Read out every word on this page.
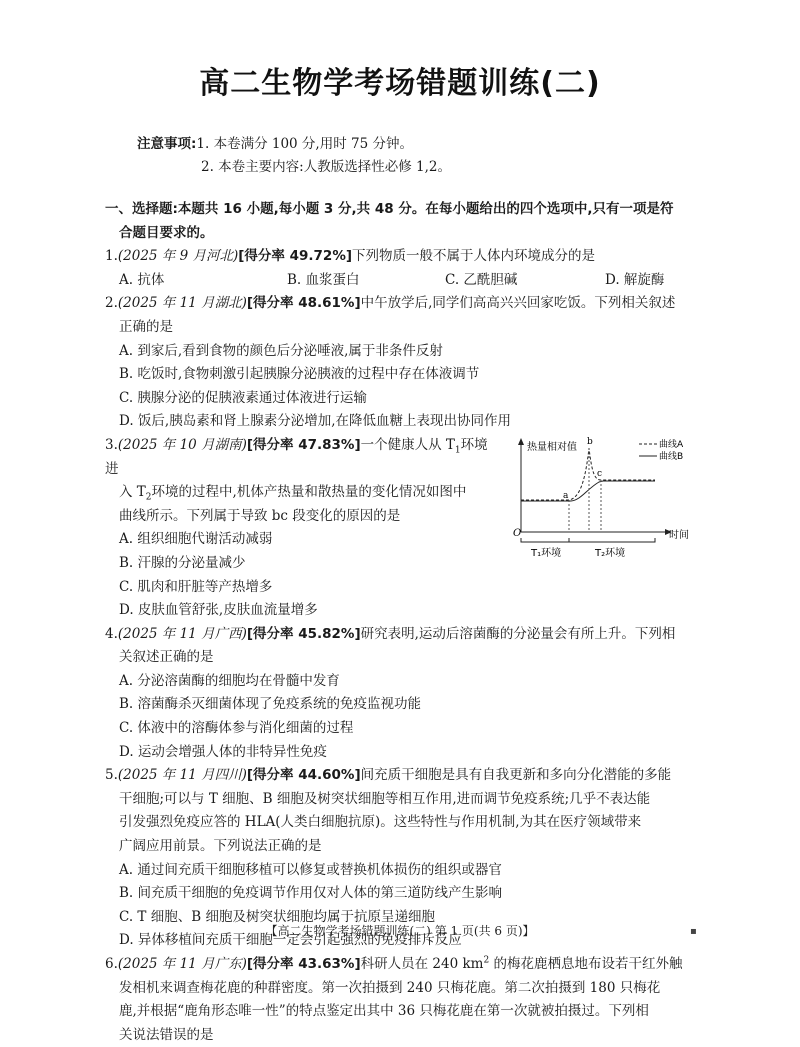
高二生物学考场错题训练(二)
注意事项:1. 本卷满分 100 分,用时 75 分钟。
2. 本卷主要内容:人教版选择性必修 1,2。
一、选择题:本题共 16 小题,每小题 3 分,共 48 分。在每小题给出的四个选项中,只有一项是符
合题目要求的。
1.(2025 年 9 月河北)[得分率 49.72%]下列物质一般不属于人体内环境成分的是
A. 抗体	B. 血浆蛋白	C. 乙酰胆碱	D. 解旋酶
2.(2025 年 11 月湖北)[得分率 48.61%]中午放学后,同学们高高兴兴回家吃饭。下列相关叙述
正确的是
A. 到家后,看到食物的颜色后分泌唾液,属于非条件反射
B. 吃饭时,食物刺激引起胰腺分泌胰液的过程中存在体液调节
C. 胰腺分泌的促胰液素通过体液进行运输
D. 饭后,胰岛素和肾上腺素分泌增加,在降低血糖上表现出协同作用
3.(2025 年 10 月湖南)[得分率 47.83%]一个健康人从 $T_1$环境进
入 $T_2$环境的过程中,机体产热量和散热量的变化情况如图中
曲线所示。下列属于导致 bc 段变化的原因的是
A. 组织细胞代谢活动减弱
B. 汗腺的分泌量减少
C. 肌肉和肝脏等产热增多
D. 皮肤血管舒张,皮肤血流量增多
O
热量相对值
时间
曲线A
曲线B
a
b
c
T₁环境	T₂环境
4.(2025 年 11 月广西)[得分率 45.82%]研究表明,运动后溶菌酶的分泌量会有所上升。下列相
关叙述正确的是
A. 分泌溶菌酶的细胞均在骨髓中发育
B. 溶菌酶杀灭细菌体现了免疫系统的免疫监视功能
C. 体液中的溶酶体参与消化细菌的过程
D. 运动会增强人体的非特异性免疫
5.(2025 年 11 月四川)[得分率 44.60%]间充质干细胞是具有自我更新和多向分化潜能的多能
干细胞;可以与 T 细胞、B 细胞及树突状细胞等相互作用,进而调节免疫系统;几乎不表达能
引发强烈免疫应答的 HLA(人类白细胞抗原)。这些特性与作用机制,为其在医疗领域带来
广阔应用前景。下列说法正确的是
A. 通过间充质干细胞移植可以修复或替换机体损伤的组织或器官
B. 间充质干细胞的免疫调节作用仅对人体的第三道防线产生影响
C. T 细胞、B 细胞及树突状细胞均属于抗原呈递细胞
D. 异体移植间充质干细胞一定会引起强烈的免疫排斥反应
6.(2025 年 11 月广东)[得分率 43.63%]科研人员在 240 $km^2$ 的梅花鹿栖息地布设若干红外触
发相机来调查梅花鹿的种群密度。第一次拍摄到 240 只梅花鹿。第二次拍摄到 180 只梅花
鹿,并根据“鹿角形态唯一性”的特点鉴定出其中 36 只梅花鹿在第一次就被拍摄过。下列相
关说法错误的是
【高二生物学考场错题训练(二) 第 1 页(共 6 页)】	▪
